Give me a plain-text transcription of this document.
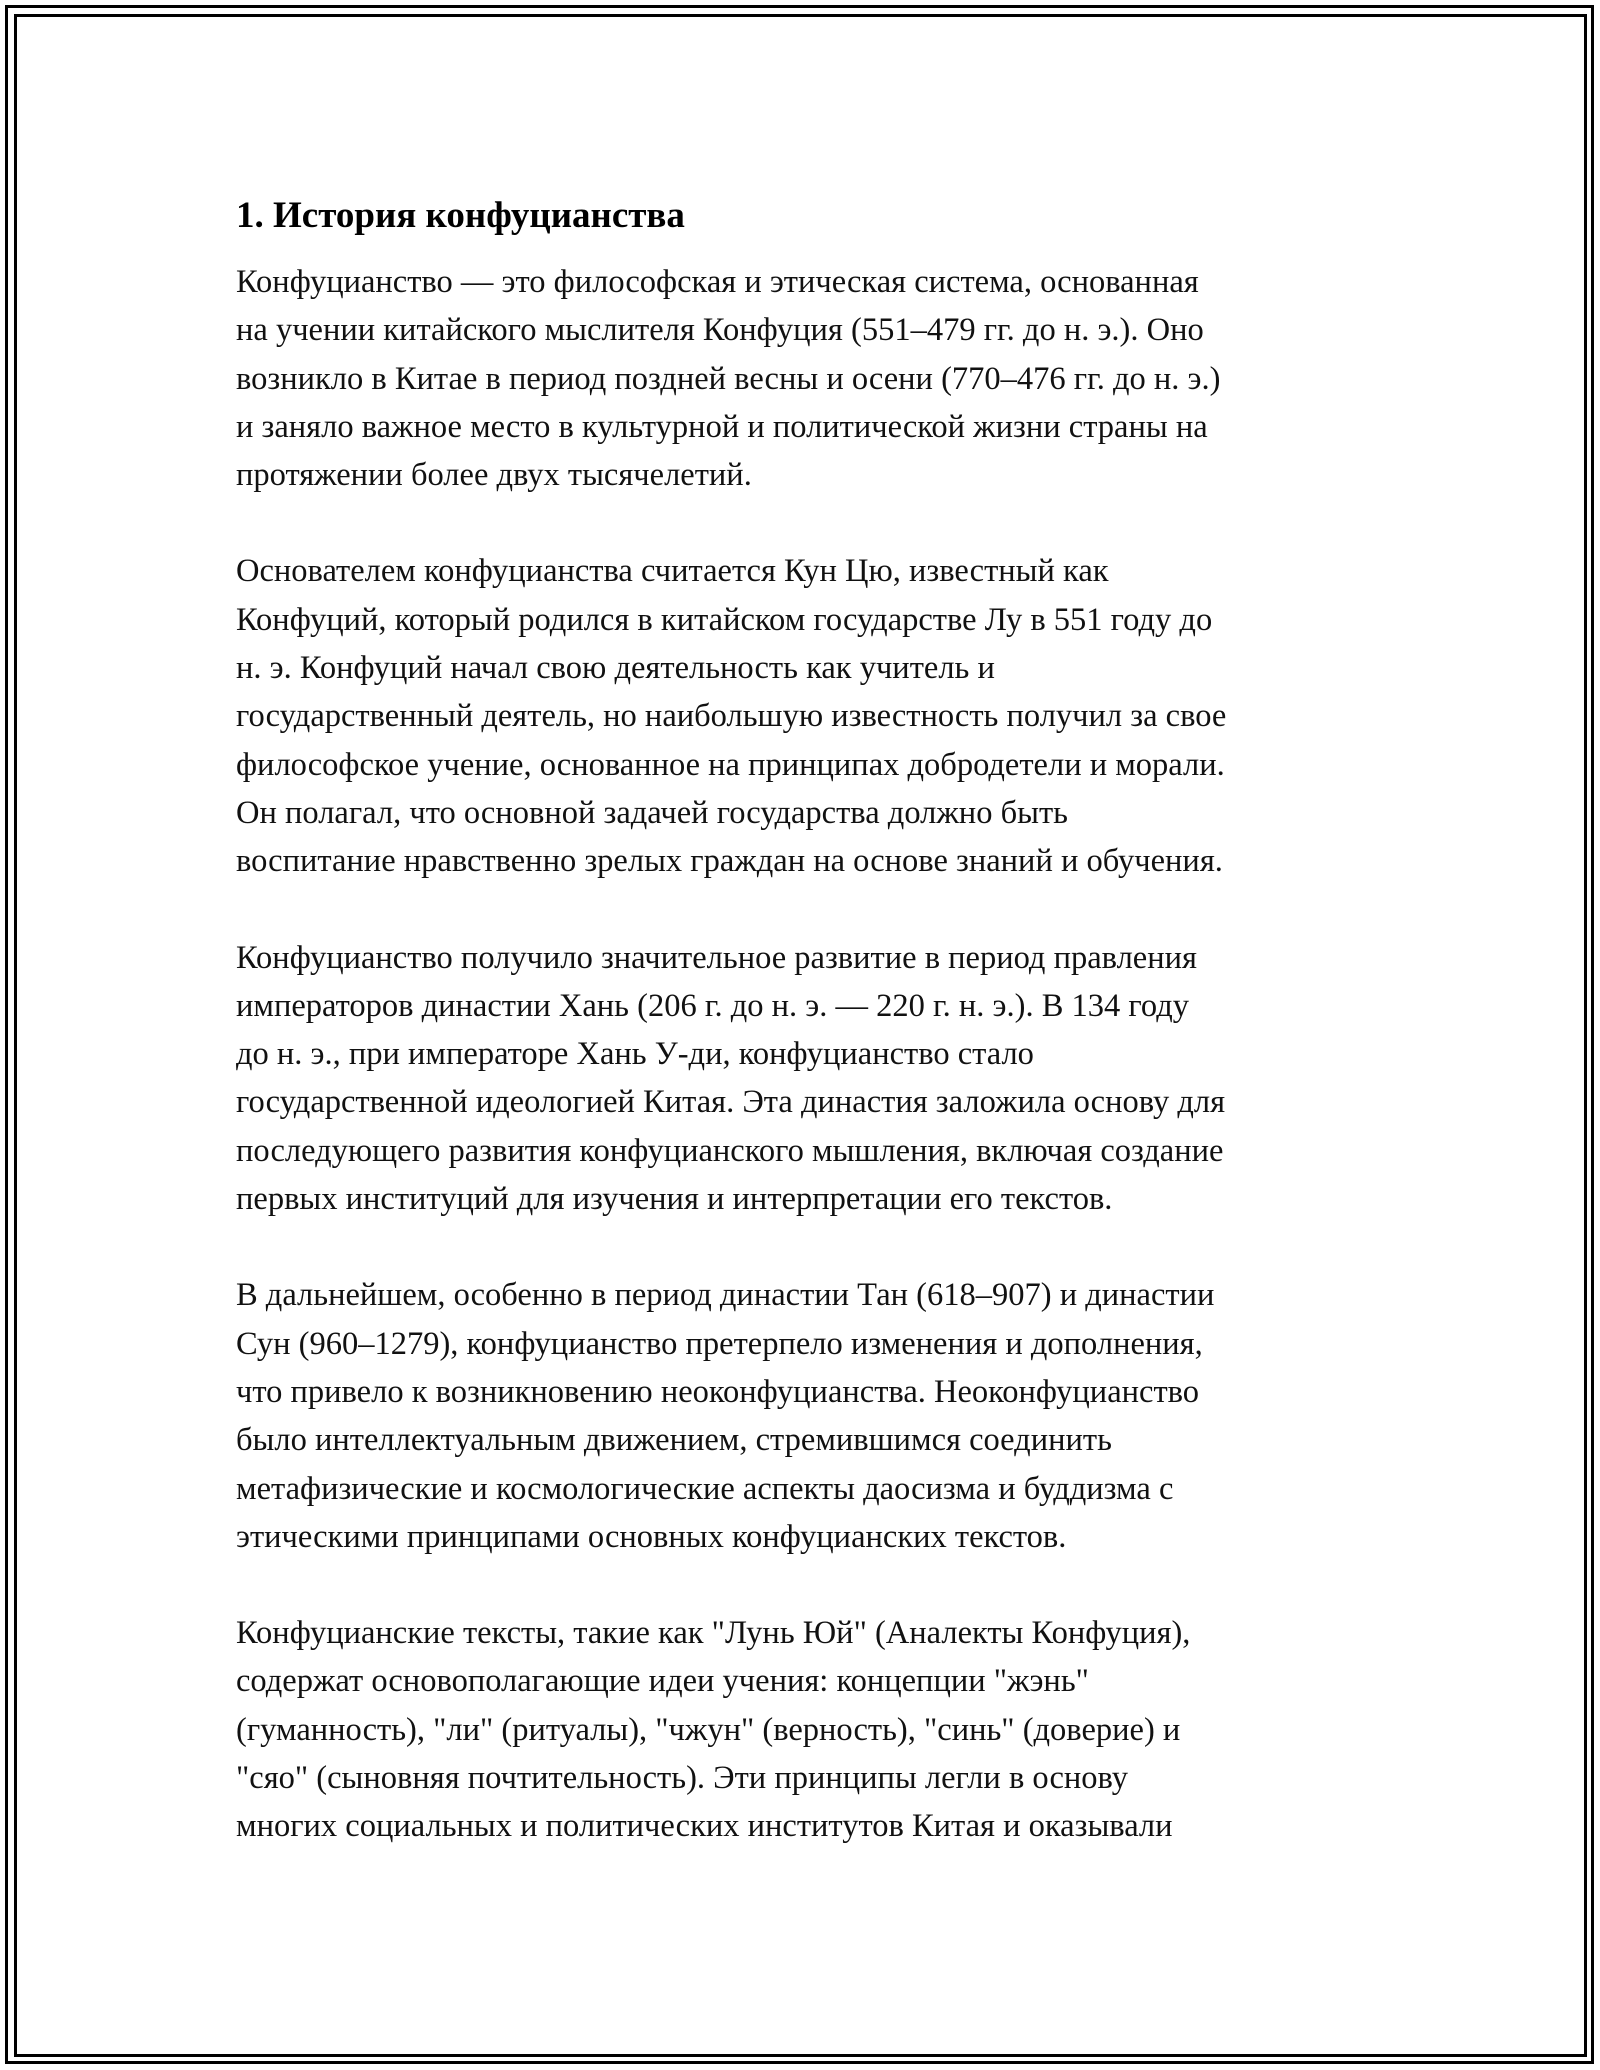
1. История конфуцианства
Конфуцианство — это философская и этическая система, основанная
на учении китайского мыслителя Конфуция (551–479 гг. до н. э.). Оно
возникло в Китае в период поздней весны и осени (770–476 гг. до н. э.)
и заняло важное место в культурной и политической жизни страны на
протяжении более двух тысячелетий.
Основателем конфуцианства считается Кун Цю, известный как
Конфуций, который родился в китайском государстве Лу в 551 году до
н. э. Конфуций начал свою деятельность как учитель и
государственный деятель, но наибольшую известность получил за свое
философское учение, основанное на принципах добродетели и морали.
Он полагал, что основной задачей государства должно быть
воспитание нравственно зрелых граждан на основе знаний и обучения.
Конфуцианство получило значительное развитие в период правления
императоров династии Хань (206 г. до н. э. — 220 г. н. э.). В 134 году
до н. э., при императоре Хань У-ди, конфуцианство стало
государственной идеологией Китая. Эта династия заложила основу для
последующего развития конфуцианского мышления, включая создание
первых институций для изучения и интерпретации его текстов.
В дальнейшем, особенно в период династии Тан (618–907) и династии
Сун (960–1279), конфуцианство претерпело изменения и дополнения,
что привело к возникновению неоконфуцианства. Неоконфуцианство
было интеллектуальным движением, стремившимся соединить
метафизические и космологические аспекты даосизма и буддизма с
этическими принципами основных конфуцианских текстов.
Конфуцианские тексты, такие как "Лунь Юй" (Аналекты Конфуция),
содержат основополагающие идеи учения: концепции "жэнь"
(гуманность), "ли" (ритуалы), "чжун" (верность), "синь" (доверие) и
"сяо" (сыновняя почтительность). Эти принципы легли в основу
многих социальных и политических институтов Китая и оказывали
